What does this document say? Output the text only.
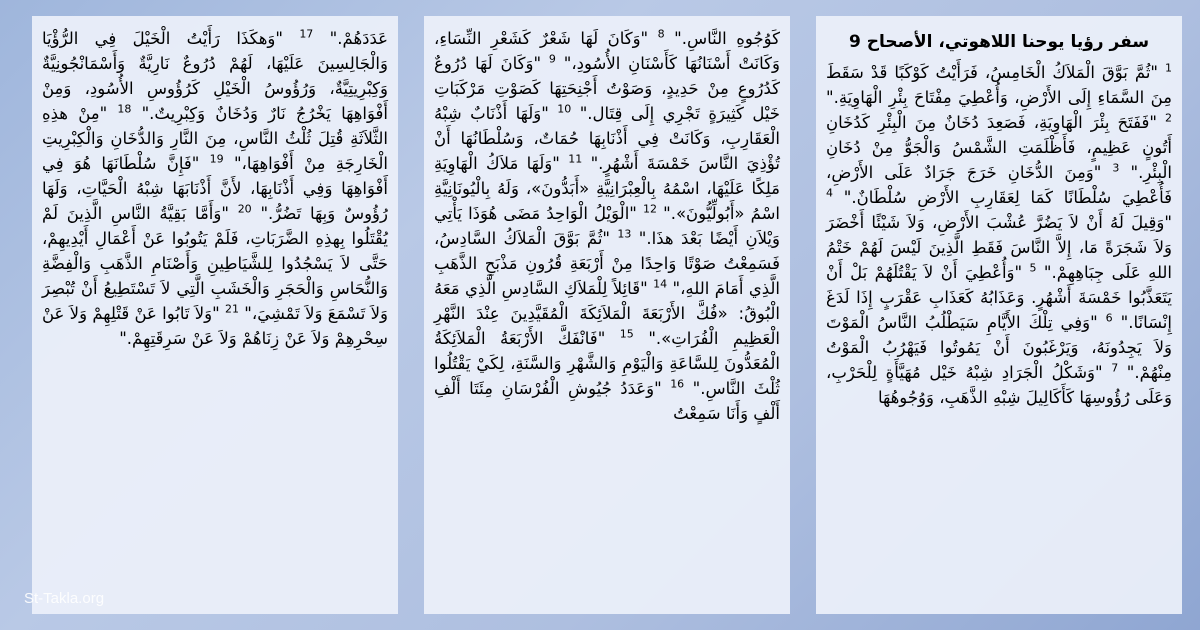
سفر رؤيا يوحنا اللاهوتي، الأصحاح 9

$^1$ "ثُمَّ بَوَّقَ الْمَلاَكُ الْخَامِسُ، فَرَأَيْتُ كَوْكَبًا قَدْ سَقَطَ مِنَ السَّمَاءِ إِلَى الأَرْضِ، وَأُعْطِيَ مِفْتَاحَ بِئْرِ الْهَاوِيَةِ." $^2$ "فَفَتَحَ بِئْرَ الْهَاوِيَةِ، فَصَعِدَ دُخَانٌ مِنَ الْبِئْرِ كَدُخَانِ أَتُونٍ عَظِيمٍ، فَأَظْلَمَتِ الشَّمْسُ وَالْجَوُّ مِنْ دُخَانِ الْبِئْرِ." $^3$ "وَمِنَ الدُّخَانِ خَرَجَ جَرَادٌ عَلَى الأَرْضِ، فَأُعْطِيَ سُلْطَانًا كَمَا لِعَقَارِبِ الأَرْضِ سُلْطَانٌ." $^4$ "وَقِيلَ لَهُ أَنْ لاَ يَضُرَّ عُشْبَ الأَرْضِ، وَلاَ شَيْئًا أَخْضَرَ وَلاَ شَجَرَةً مَا، إِلاَّ النَّاسَ فَقَطِ الَّذِينَ لَيْسَ لَهُمْ خَتْمُ اللهِ عَلَى جِبَاهِهِمْ." $^5$ "وَأُعْطِيَ أَنْ لاَ يَقْتُلَهُمْ بَلْ أَنْ يَتَعَذَّبُوا خَمْسَةَ أَشْهُرٍ. وَعَذَابُهُ كَعَذَابِ عَقْرَبٍ إِذَا لَدَغَ إِنْسَانًا." $^6$ "وَفِي تِلْكَ الأَيَّامِ سَيَطْلُبُ النَّاسُ الْمَوْتَ وَلاَ يَجِدُونَهُ، وَيَرْغَبُونَ أَنْ يَمُوتُوا فَيَهْرُبُ الْمَوْتُ مِنْهُمْ." $^7$ "وَشَكْلُ الْجَرَادِ شِبْهُ خَيْل مُهَيَّأَةٍ لِلْحَرْبِ، وَعَلَى رُؤُوسِهَا كَأَكَالِيلَ شِبْهِ الذَّهَبِ، وَوُجُوهُهَا

كَوُجُوهِ النَّاسِ." $^8$ "وَكَانَ لَهَا شَعْرٌ كَشَعْرِ النِّسَاءِ، وَكَانَتْ أَسْنَانُهَا كَأَسْنَانِ الأُسُودِ،" $^9$ "وَكَانَ لَهَا دُرُوعٌ كَدُرُوعٍ مِنْ حَدِيدٍ، وَصَوْتُ أَجْنِحَتِهَا كَصَوْتِ مَرْكَبَاتِ خَيْل كَثِيرَةٍ تَجْرِي إِلَى قِتَال." $^{10}$ "وَلَهَا أَذْنَابٌ شِبْهُ الْعَقَارِبِ، وَكَانَتْ فِي أَذْنَابِهَا حُمَاتٌ، وَسُلْطَانُهَا أَنْ تُؤْذِيَ النَّاسَ خَمْسَةَ أَشْهُرٍ." $^{11}$ "وَلَهَا مَلاَكُ الْهَاوِيَةِ مَلِكًا عَلَيْهَا، اسْمُهُ بِالْعِبْرَانِيَّةِ «أَبَدُّونَ»، وَلَهُ بِالْيُونَانِيَّةِ اسْمُ «أَبُولِّيُّونَ»." $^{12}$ "الْوَيْلُ الْوَاحِدُ مَضَى هُوَذَا يَأْتِي وَيْلاَنِ أَيْضًا بَعْدَ هذَا." $^{13}$ "ثُمَّ بَوَّقَ الْمَلاَكُ السَّادِسُ، فَسَمِعْتُ صَوْتًا وَاحِدًا مِنْ أَرْبَعَةِ قُرُونِ مَذْبَحِ الذَّهَبِ الَّذِي أَمَامَ اللهِ،" $^{14}$ "قَائِلاً لِلْمَلاَكِ السَّادِسِ الَّذِي مَعَهُ الْبُوقُ: «فُكَّ الأَرْبَعَةَ الْمَلاَئِكَةَ الْمُقَيَّدِينَ عِنْدَ النَّهْرِ الْعَظِيمِ الْفُرَاتِ»." $^{15}$ "فَانْفَكَّ الأَرْبَعَةُ الْمَلاَئِكَةُ الْمُعَدُّونَ لِلسَّاعَةِ وَالْيَوْمِ وَالشَّهْرِ وَالسَّنَةِ، لِكَيْ يَقْتُلُوا ثُلْثَ النَّاسِ." $^{16}$ "وَعَدَدُ جُيُوشِ الْفُرْسَانِ مِئَتَا أَلْفِ أَلْفٍ وَأَنَا سَمِعْتُ

عَدَدَهُمْ." $^{17}$ "وَهكَذَا رَأَيْتُ الْخَيْلَ فِي الرُّؤْيَا وَالْجَالِسِينَ عَلَيْهَا، لَهُمْ دُرُوعٌ نَارِيَّةٌ وَأَسْمَانْجُونِيَّةٌ وَكِبْرِيتِيَّةٌ، وَرُؤُوسُ الْخَيْلِ كَرُؤُوسِ الأُسُودِ، وَمِنْ أَفْوَاهِهَا يَخْرُجُ نَارٌ وَدُخَانٌ وَكِبْرِيتٌ." $^{18}$ "مِنْ هذِهِ الثَّلاَثَةِ قُتِلَ ثُلْثُ النَّاسِ، مِنَ النَّارِ وَالدُّخَانِ وَالْكِبْرِيتِ الْخَارِجَةِ مِنْ أَفْوَاهِهَا،" $^{19}$ "فَإِنَّ سُلْطَانَهَا هُوَ فِي أَفْوَاهِهَا وَفِي أَذْنَابِهَا، لأَنَّ أَذْنَابَهَا شِبْهُ الْحَيَّاتِ، وَلَهَا رُؤُوسٌ وَبِهَا تَضُرُّ." $^{20}$ "وَأَمَّا بَقِيَّةُ النَّاسِ الَّذِينَ لَمْ يُقْتَلُوا بِهذِهِ الضَّرَبَاتِ، فَلَمْ يَتُوبُوا عَنْ أَعْمَالِ أَيْدِيهِمْ، حَتَّى لاَ يَسْجُدُوا لِلشَّيَاطِينِ وَأَصْنَامِ الذَّهَبِ وَالْفِضَّةِ وَالنُّحَاسِ وَالْحَجَرِ وَالْخَشَبِ الَّتِي لاَ تَسْتَطِيعُ أَنْ تُبْصِرَ وَلاَ تَسْمَعَ وَلاَ تَمْشِيَ،" $^{21}$ "وَلاَ تَابُوا عَنْ قَتْلِهِمْ وَلاَ عَنْ سِحْرِهِمْ وَلاَ عَنْ زِنَاهُمْ وَلاَ عَنْ سَرِقَتِهِمْ."

St-Takla.org
